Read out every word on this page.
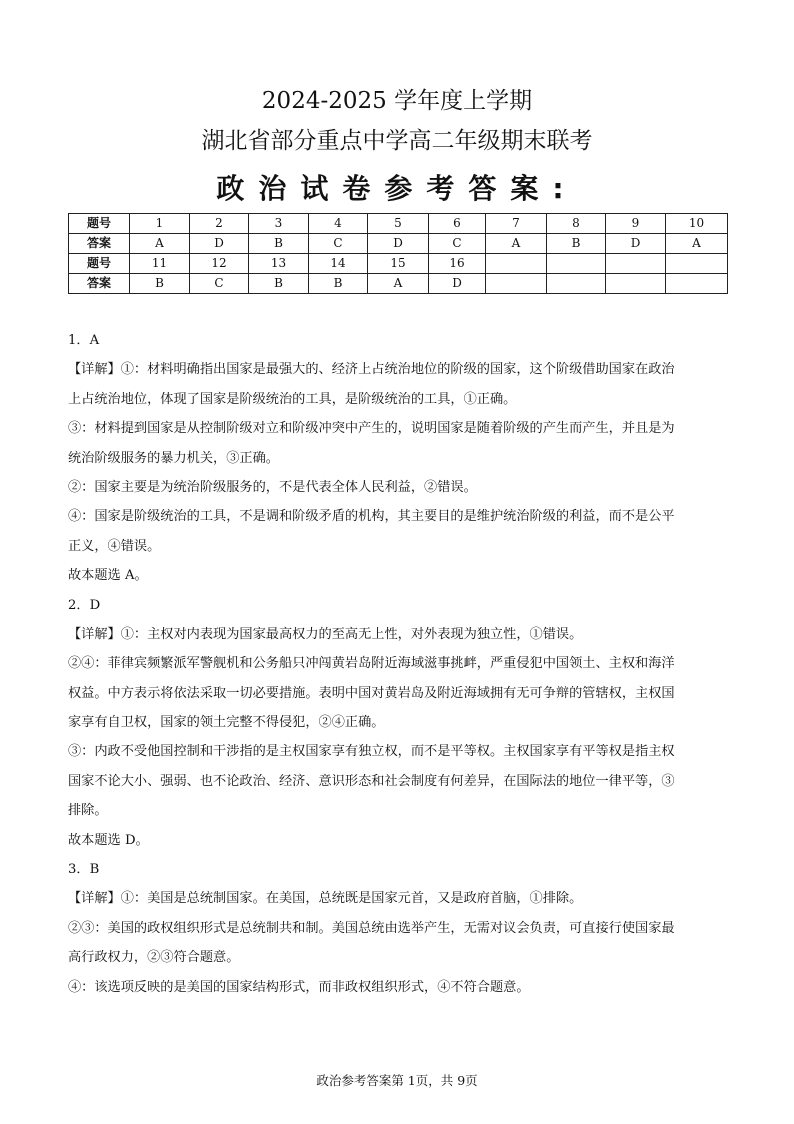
2024-2025 学年度上学期
湖北省部分重点中学高二年级期末联考
政治试卷参考答案:
题号	1	2	3	4	5	6	7	8	9	10
答案	A	D	B	C	D	C	A	B	D	A
题号	11	12	13	14	15	16				
答案	B	C	B	B	A	D				
1．A
【详解】①：材料明确指出国家是最强大的、经济上占统治地位的阶级的国家，这个阶级借助国家在政治
上占统治地位，体现了国家是阶级统治的工具，是阶级统治的工具，①正确。
③：材料提到国家是从控制阶级对立和阶级冲突中产生的，说明国家是随着阶级的产生而产生，并且是为
统治阶级服务的暴力机关，③正确。
②：国家主要是为统治阶级服务的，不是代表全体人民利益，②错误。
④：国家是阶级统治的工具，不是调和阶级矛盾的机构，其主要目的是维护统治阶级的利益，而不是公平
正义，④错误。
故本题选 A。
2．D
【详解】①：主权对内表现为国家最高权力的至高无上性，对外表现为独立性，①错误。
②④：菲律宾频繁派军警舰机和公务船只冲闯黄岩岛附近海域滋事挑衅，严重侵犯中国领土、主权和海洋
权益。中方表示将依法采取一切必要措施。表明中国对黄岩岛及附近海域拥有无可争辩的管辖权，主权国
家享有自卫权，国家的领土完整不得侵犯，②④正确。
③：内政不受他国控制和干涉指的是主权国家享有独立权，而不是平等权。主权国家享有平等权是指主权
国家不论大小、强弱、也不论政治、经济、意识形态和社会制度有何差异，在国际法的地位一律平等，③
排除。
故本题选 D。
3．B
【详解】①：美国是总统制国家。在美国，总统既是国家元首，又是政府首脑，①排除。
②③：美国的政权组织形式是总统制共和制。美国总统由选举产生，无需对议会负责，可直接行使国家最
高行政权力，②③符合题意。
④：该选项反映的是美国的国家结构形式，而非政权组织形式，④不符合题意。
政治参考答案第 1页，共 9页
